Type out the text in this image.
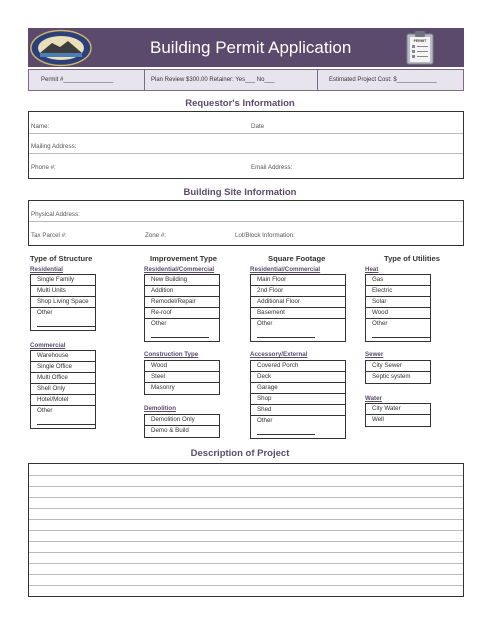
Building Permit Application	PERMIT
Permit #_______________	Plan Review $300.00 Retainer: Yes___ No___	Estimated Project Cost: $____________
Requestor's Information
Name:	Date
Mailing Address:
Phone #:	Email Address:
Building Site Information
Physical Address:
Tax Parcel #:	Zone #:	Lot/Block Information:
Type of Structure	Improvement Type	Square Footage	Type of Utilities
Residential
Single Family
Multi Units
Shop Living Space
Other
Commercial
Warehouse
Single Office
Multi Office
Shell Only
Hotel/Motel
Other
Residential/Commercial
New Building
Addition
Remodel/Repair
Re-roof
Other
Construction Type
Wood
Steel
Masonry
Demolition
Demolition Only
Demo & Build
Residential/Commercial
Main Floor
2nd Floor
Additional Floor
Basement
Other
Accessory/External
Covered Porch
Deck
Garage
Shop
Shed
Other
Heat
Gas
Electric
Solar
Wood
Other
Sewer
City Sewer
Septic system
Water
City Water
Well
Description of Project
